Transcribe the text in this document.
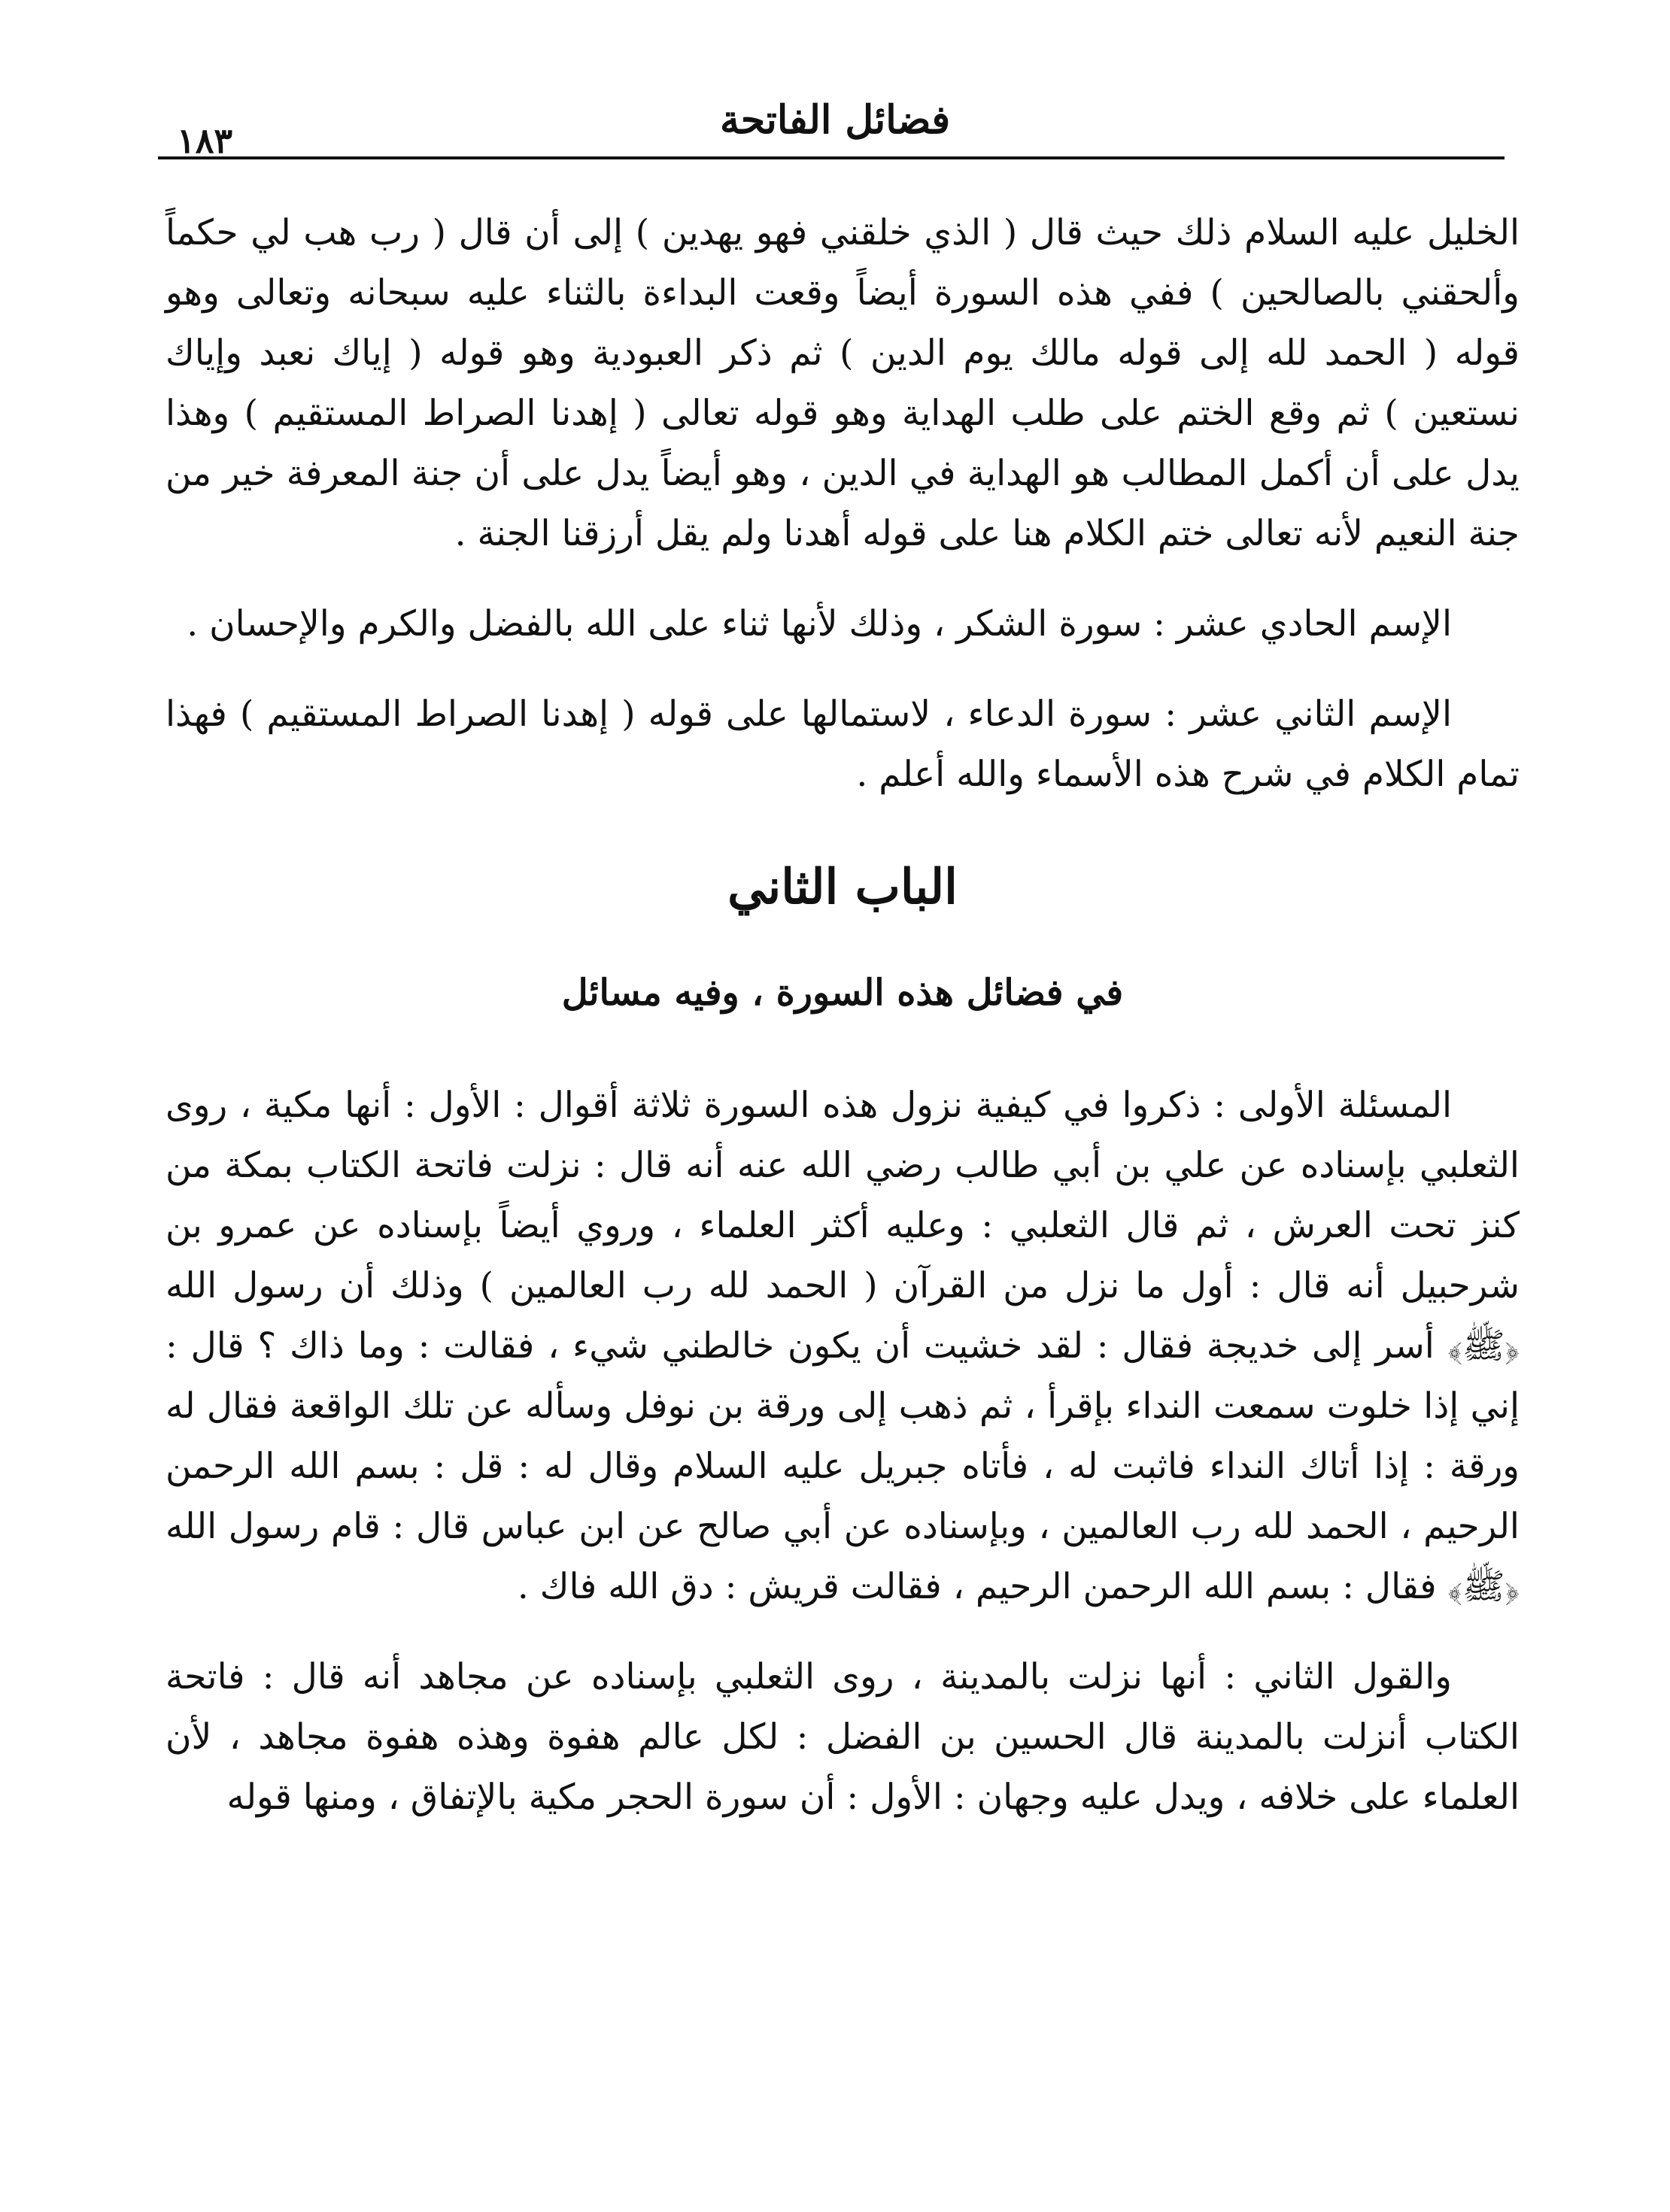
فضائل الفاتحة
١٨٣

الخليل عليه السلام ذلك حيث قال ( الذي خلقني فهو يهدين ) إلى أن قال ( رب هب لي حكماً وألحقني بالصالحين ) ففي هذه السورة أيضاً وقعت البداءة بالثناء عليه سبحانه وتعالى وهو قوله ( الحمد لله إلى قوله مالك يوم الدين ) ثم ذكر العبودية وهو قوله ( إياك نعبد وإياك نستعين ) ثم وقع الختم على طلب الهداية وهو قوله تعالى ( إهدنا الصراط المستقيم ) وهذا يدل على أن أكمل المطالب هو الهداية في الدين ، وهو أيضاً يدل على أن جنة المعرفة خير من جنة النعيم لأنه تعالى ختم الكلام هنا على قوله أهدنا ولم يقل أرزقنا الجنة .

الإسم الحادي عشر : سورة الشكر ، وذلك لأنها ثناء على الله بالفضل والكرم والإحسان .

الإسم الثاني عشر : سورة الدعاء ، لاستمالها على قوله ( إهدنا الصراط المستقيم ) فهذا تمام الكلام في شرح هذه الأسماء والله أعلم .

الباب الثاني
في فضائل هذه السورة ، وفيه مسائل

المسئلة الأولى : ذكروا في كيفية نزول هذه السورة ثلاثة أقوال : الأول : أنها مكية ، روى الثعلبي بإسناده عن علي بن أبي طالب رضي الله عنه أنه قال : نزلت فاتحة الكتاب بمكة من كنز تحت العرش ، ثم قال الثعلبي : وعليه أكثر العلماء ، وروي أيضاً بإسناده عن عمرو بن شرحبيل أنه قال : أول ما نزل من القرآن ( الحمد لله رب العالمين ) وذلك أن رسول الله ﴿ﷺ﴾ أسر إلى خديجة فقال : لقد خشيت أن يكون خالطني شيء ، فقالت : وما ذاك ؟ قال : إني إذا خلوت سمعت النداء بإقرأ ، ثم ذهب إلى ورقة بن نوفل وسأله عن تلك الواقعة فقال له ورقة : إذا أتاك النداء فاثبت له ، فأتاه جبريل عليه السلام وقال له : قل : بسم الله الرحمن الرحيم ، الحمد لله رب العالمين ، وبإسناده عن أبي صالح عن ابن عباس قال : قام رسول الله ﴿ﷺ﴾ فقال : بسم الله الرحمن الرحيم ، فقالت قريش : دق الله فاك .

والقول الثاني : أنها نزلت بالمدينة ، روى الثعلبي بإسناده عن مجاهد أنه قال : فاتحة الكتاب أنزلت بالمدينة قال الحسين بن الفضل : لكل عالم هفوة وهذه هفوة مجاهد ، لأن العلماء على خلافه ، ويدل عليه وجهان : الأول : أن سورة الحجر مكية بالإتفاق ، ومنها قوله
